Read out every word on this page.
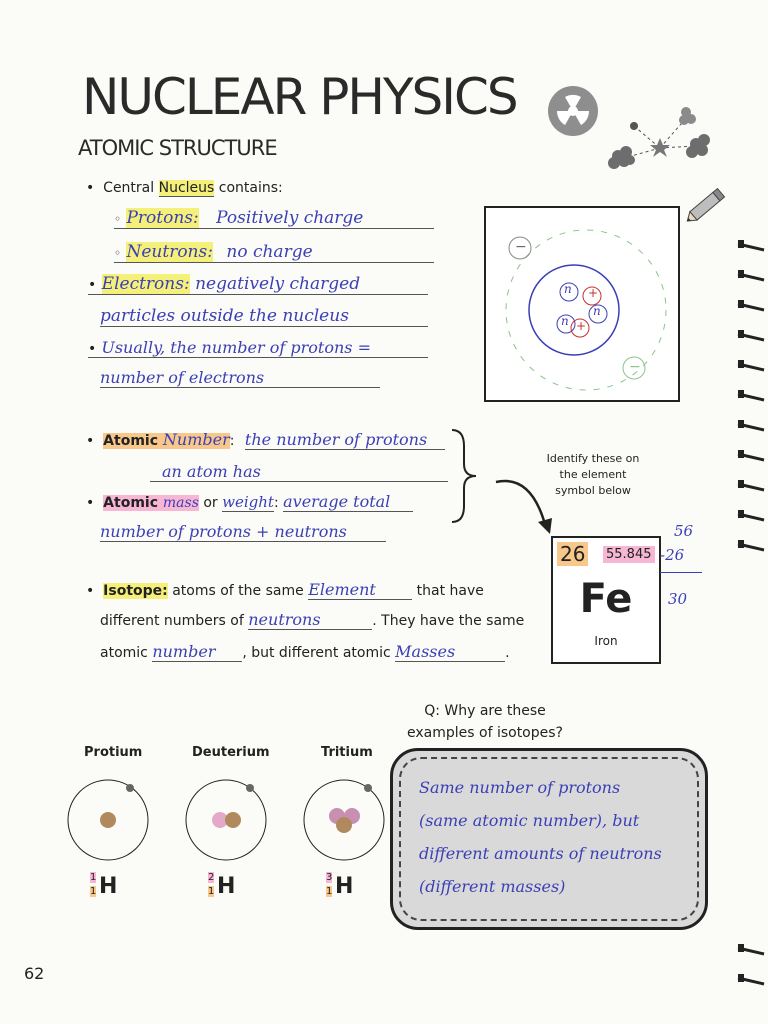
NUCLEAR PHYSICS
ATOMIC STRUCTURE
•  Central Nucleus contains:
◦ Protons: Positively charge
◦ Neutrons: no charge
• Electrons: negatively charged
particles outside the nucleus
• Usually, the number of protons =
number of electrons
n +
n
n +
−
−
•  Atomic Number: the number of protons
an atom has
•  Atomic mass or weight: average total
number of protons + neutrons
Identify these on
the element
symbol below
26 55.845
Fe
Iron
56
-26
30
•  Isotope: atoms of the same Element	that have
different numbers of neutrons	. They have the same
atomic number , but different atomic Masses	.
Q: Why are these
examples of isotopes?
Protium	Deuterium	Tritium
1
1 H	2
1 H	3
1 H
Same number of protons
(same atomic number), but
different amounts of neutrons
(different masses)
62
